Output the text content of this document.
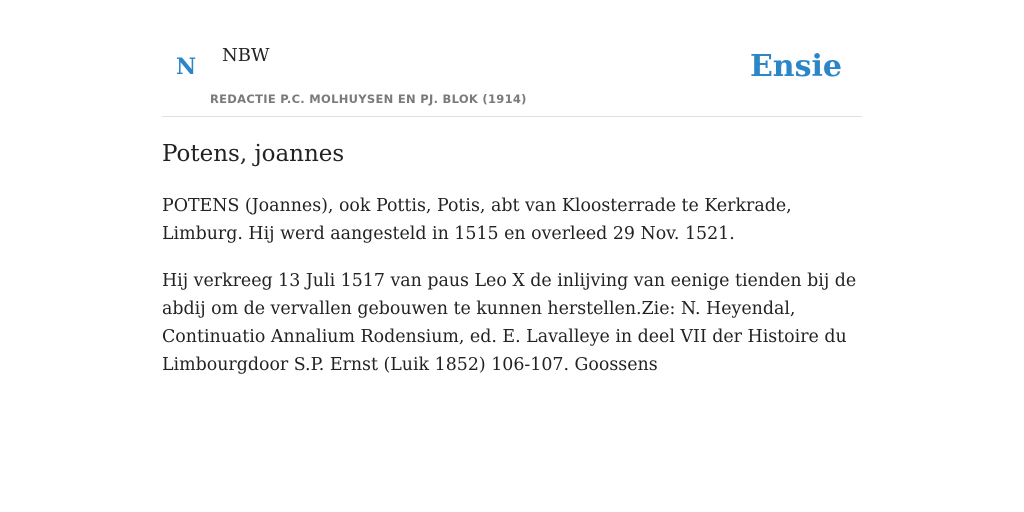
N NBW
REDACTIE P.C. MOLHUYSEN EN PJ. BLOK (1914)
Ensie
Potens, joannes

POTENS (Joannes), ook Pottis, Potis, abt van Kloosterrade te Kerkrade, Limburg. Hij werd aangesteld in 1515 en overleed 29 Nov. 1521.

Hij verkreeg 13 Juli 1517 van paus Leo X de inlijving van eenige tienden bij de abdij om de vervallen gebouwen te kunnen herstellen.Zie: N. Heyendal, Continuatio Annalium Rodensium, ed. E. Lavalleye in deel VII der Histoire du Limbourgdoor S.P. Ernst (Luik 1852) 106-107. Goossens
